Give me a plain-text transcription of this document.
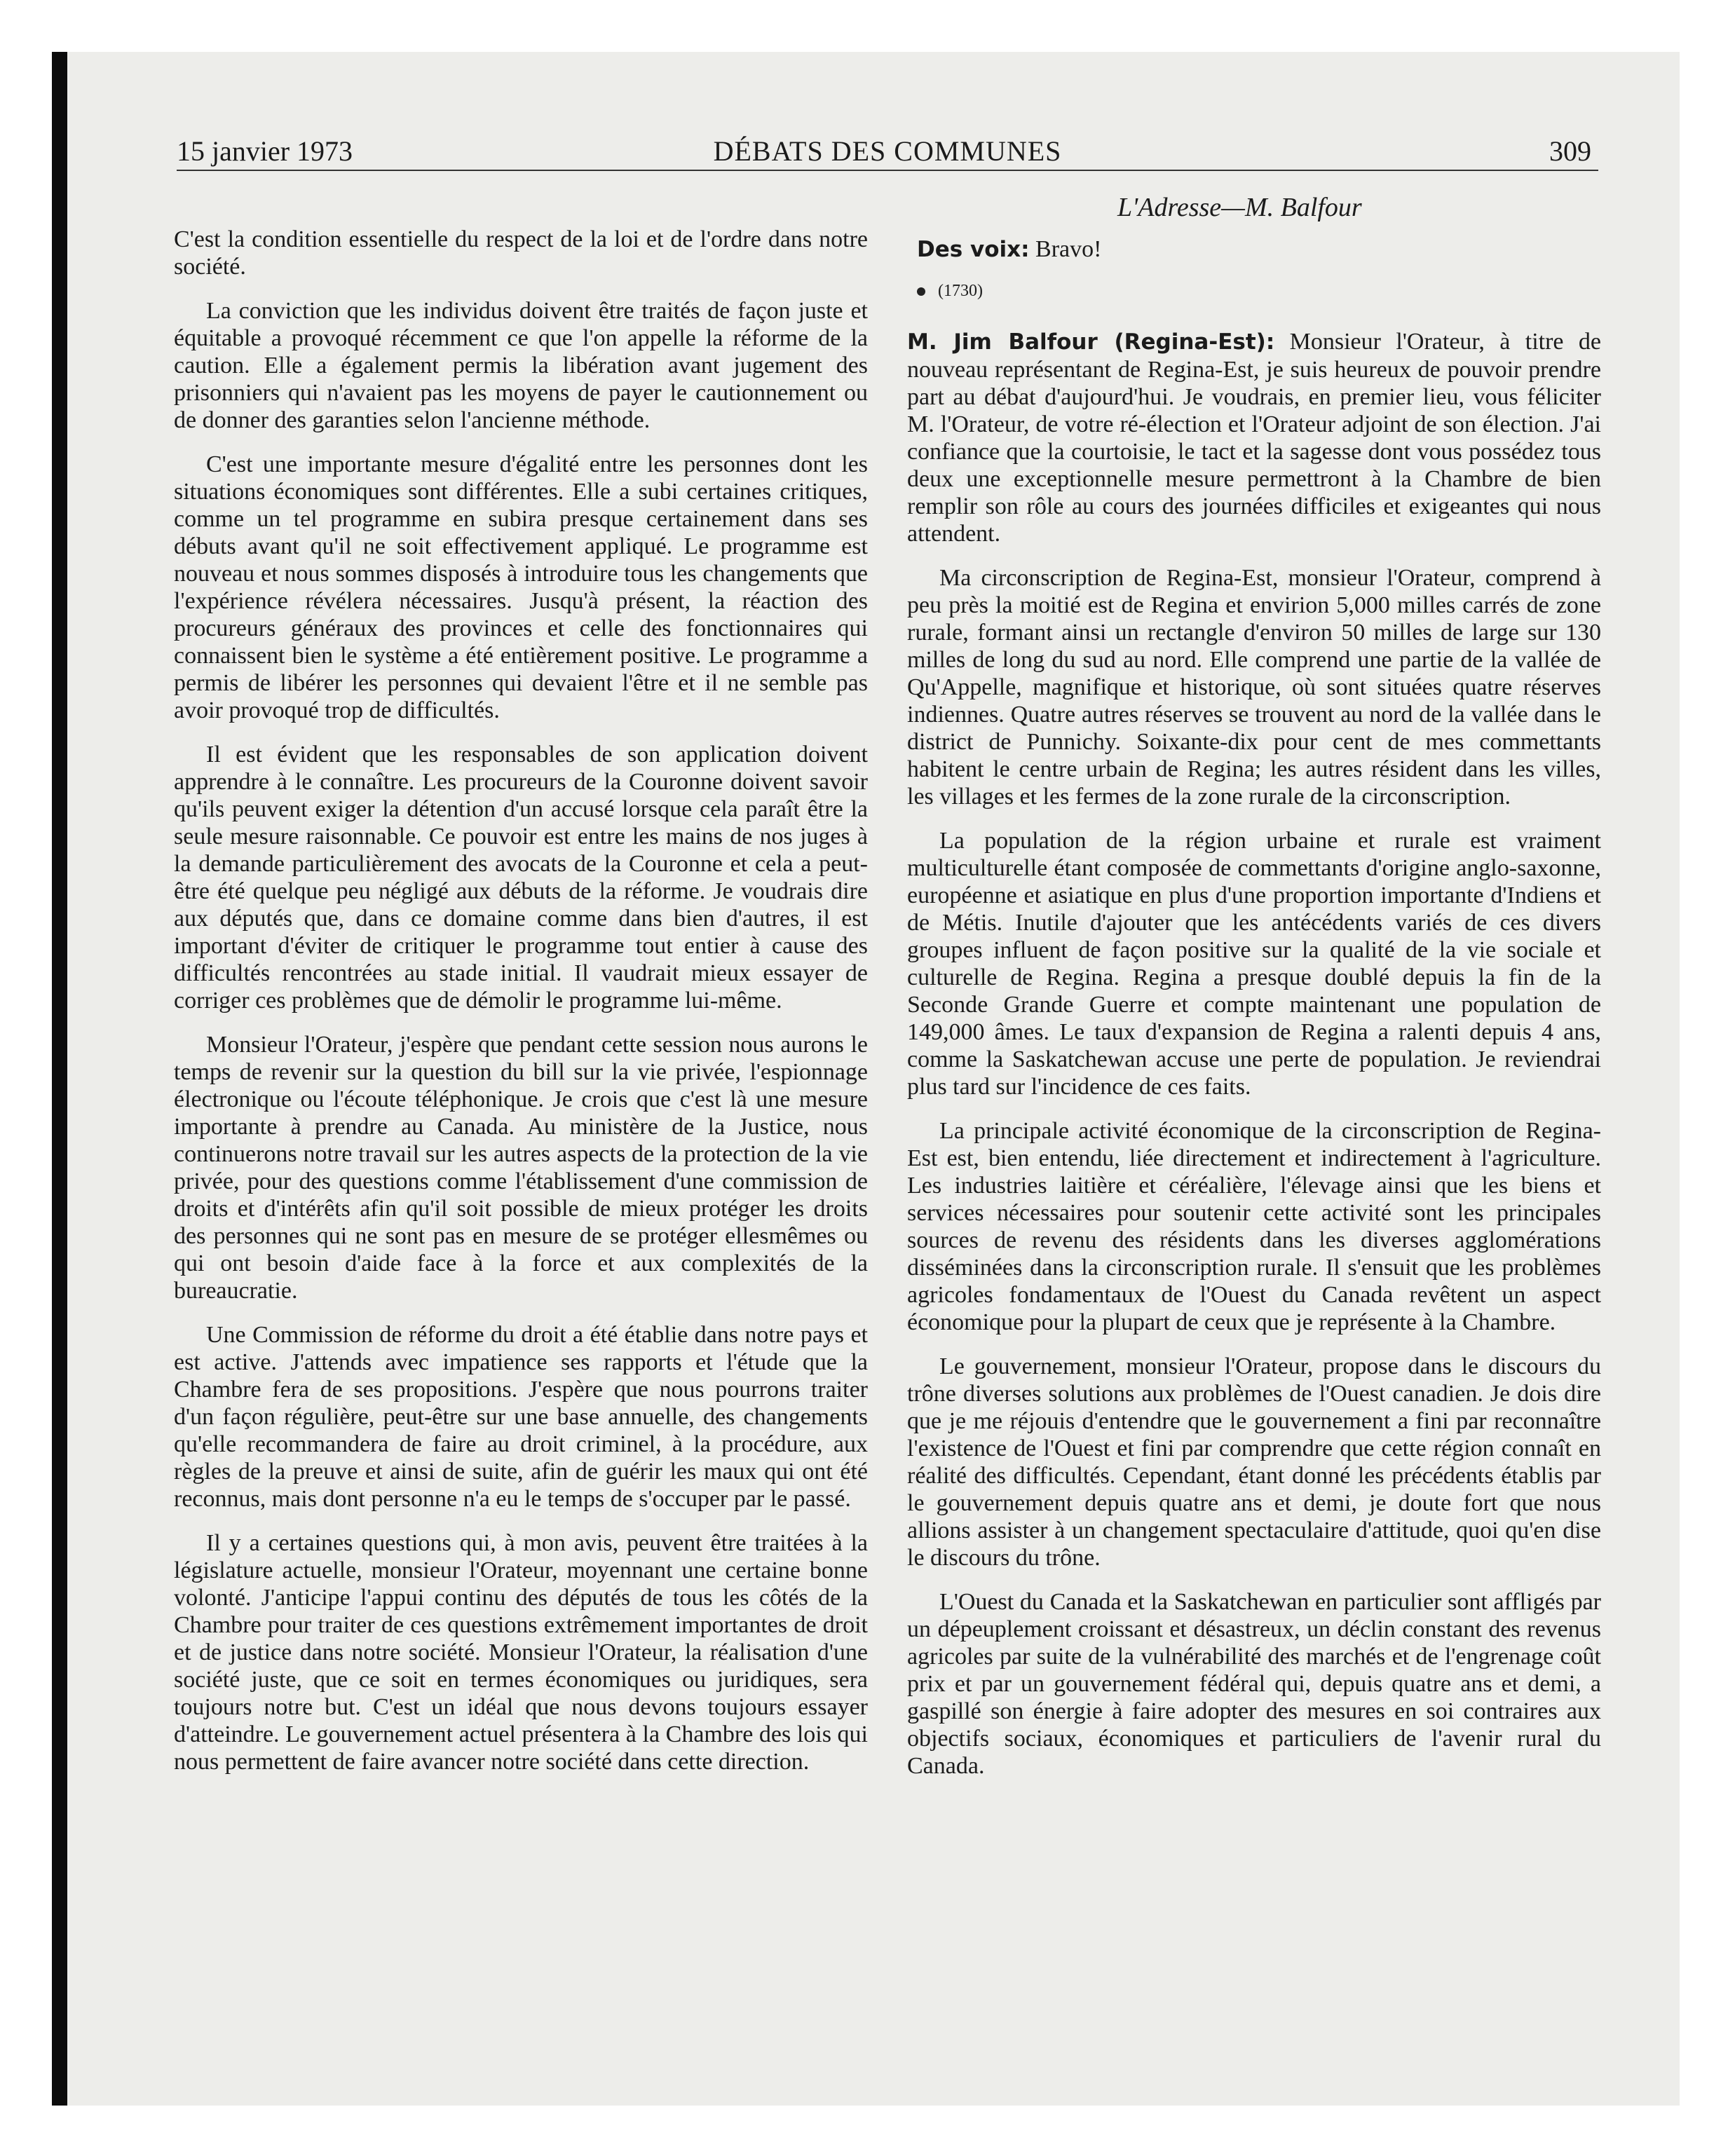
15 janvier 1973	DÉBATS DES COMMUNES	309
L'Adresse—M. Balfour

C'est la condition essentielle du respect de la loi et de l'ordre dans notre société.

La conviction que les individus doivent être traités de façon juste et équitable a provoqué récemment ce que l'on appelle la réforme de la caution. Elle a également permis la libération avant jugement des prisonniers qui n'avaient pas les moyens de payer le cautionnement ou de donner des garanties selon l'ancienne méthode.

C'est une importante mesure d'égalité entre les personnes dont les situations économiques sont différentes. Elle a subi certaines critiques, comme un tel programme en subira presque certainement dans ses débuts avant qu'il ne soit effectivement appliqué. Le programme est nouveau et nous sommes disposés à introduire tous les changements que l'expérience révélera nécessaires. Jusqu'à présent, la réaction des procureurs généraux des provinces et celle des fonctionnaires qui connaissent bien le système a été entièrement positive. Le programme a permis de libérer les personnes qui devaient l'être et il ne semble pas avoir provoqué trop de difficultés.

Il est évident que les responsables de son application doivent apprendre à le connaître. Les procureurs de la Couronne doivent savoir qu'ils peuvent exiger la détention d'un accusé lorsque cela paraît être la seule mesure raisonnable. Ce pouvoir est entre les mains de nos juges à la demande particulièrement des avocats de la Couronne et cela a peut-être été quelque peu négligé aux débuts de la réforme. Je voudrais dire aux députés que, dans ce domaine comme dans bien d'autres, il est important d'éviter de critiquer le programme tout entier à cause des difficultés rencontrées au stade initial. Il vaudrait mieux essayer de corriger ces problèmes que de démolir le programme lui-même.

Monsieur l'Orateur, j'espère que pendant cette session nous aurons le temps de revenir sur la question du bill sur la vie privée, l'espionnage électronique ou l'écoute téléphonique. Je crois que c'est là une mesure importante à prendre au Canada. Au ministère de la Justice, nous continuerons notre travail sur les autres aspects de la protection de la vie privée, pour des questions comme l'établissement d'une commission de droits et d'intérêts afin qu'il soit possible de mieux protéger les droits des personnes qui ne sont pas en mesure de se protéger ellesmêmes ou qui ont besoin d'aide face à la force et aux complexités de la bureaucratie.

Une Commission de réforme du droit a été établie dans notre pays et est active. J'attends avec impatience ses rapports et l'étude que la Chambre fera de ses propositions. J'espère que nous pourrons traiter d'un façon régulière, peut-être sur une base annuelle, des changements qu'elle recommandera de faire au droit criminel, à la procédure, aux règles de la preuve et ainsi de suite, afin de guérir les maux qui ont été reconnus, mais dont personne n'a eu le temps de s'occuper par le passé.

Il y a certaines questions qui, à mon avis, peuvent être traitées à la législature actuelle, monsieur l'Orateur, moyennant une certaine bonne volonté. J'anticipe l'appui continu des députés de tous les côtés de la Chambre pour traiter de ces questions extrêmement importantes de droit et de justice dans notre société. Monsieur l'Orateur, la réalisation d'une société juste, que ce soit en termes économiques ou juridiques, sera toujours notre but. C'est un idéal que nous devons toujours essayer d'atteindre. Le gouvernement actuel présentera à la Chambre des lois qui nous permettent de faire avancer notre société dans cette direction.

Des voix: Bravo!
(1730)

M. Jim Balfour (Regina-Est): Monsieur l'Orateur, à titre de nouveau représentant de Regina-Est, je suis heureux de pouvoir prendre part au débat d'aujourd'hui. Je voudrais, en premier lieu, vous féliciter M. l'Orateur, de votre ré-élection et l'Orateur adjoint de son élection. J'ai confiance que la courtoisie, le tact et la sagesse dont vous possédez tous deux une exceptionnelle mesure permettront à la Chambre de bien remplir son rôle au cours des journées difficiles et exigeantes qui nous attendent.

Ma circonscription de Regina-Est, monsieur l'Orateur, comprend à peu près la moitié est de Regina et envirion 5,000 milles carrés de zone rurale, formant ainsi un rectangle d'environ 50 milles de large sur 130 milles de long du sud au nord. Elle comprend une partie de la vallée de Qu'Appelle, magnifique et historique, où sont situées quatre réserves indiennes. Quatre autres réserves se trouvent au nord de la vallée dans le district de Punnichy. Soixante-dix pour cent de mes commettants habitent le centre urbain de Regina; les autres résident dans les villes, les villages et les fermes de la zone rurale de la circonscription.

La population de la région urbaine et rurale est vraiment multiculturelle étant composée de commettants d'origine anglo-saxonne, européenne et asiatique en plus d'une proportion importante d'Indiens et de Métis. Inutile d'ajouter que les antécédents variés de ces divers groupes influent de façon positive sur la qualité de la vie sociale et culturelle de Regina. Regina a presque doublé depuis la fin de la Seconde Grande Guerre et compte maintenant une population de 149,000 âmes. Le taux d'expansion de Regina a ralenti depuis 4 ans, comme la Saskatchewan accuse une perte de population. Je reviendrai plus tard sur l'incidence de ces faits.

La principale activité économique de la circonscription de Regina-Est est, bien entendu, liée directement et indirectement à l'agriculture. Les industries laitière et céréalière, l'élevage ainsi que les biens et services nécessaires pour soutenir cette activité sont les principales sources de revenu des résidents dans les diverses agglomérations disséminées dans la circonscription rurale. Il s'ensuit que les problèmes agricoles fondamentaux de l'Ouest du Canada revêtent un aspect économique pour la plupart de ceux que je représente à la Chambre.

Le gouvernement, monsieur l'Orateur, propose dans le discours du trône diverses solutions aux problèmes de l'Ouest canadien. Je dois dire que je me réjouis d'entendre que le gouvernement a fini par reconnaître l'existence de l'Ouest et fini par comprendre que cette région connaît en réalité des difficultés. Cependant, étant donné les précédents établis par le gouvernement depuis quatre ans et demi, je doute fort que nous allions assister à un changement spectaculaire d'attitude, quoi qu'en dise le discours du trône.

L'Ouest du Canada et la Saskatchewan en particulier sont affligés par un dépeuplement croissant et désastreux, un déclin constant des revenus agricoles par suite de la vulnérabilité des marchés et de l'engrenage coût prix et par un gouvernement fédéral qui, depuis quatre ans et demi, a gaspillé son énergie à faire adopter des mesures en soi contraires aux objectifs sociaux, économiques et particuliers de l'avenir rural du Canada.
